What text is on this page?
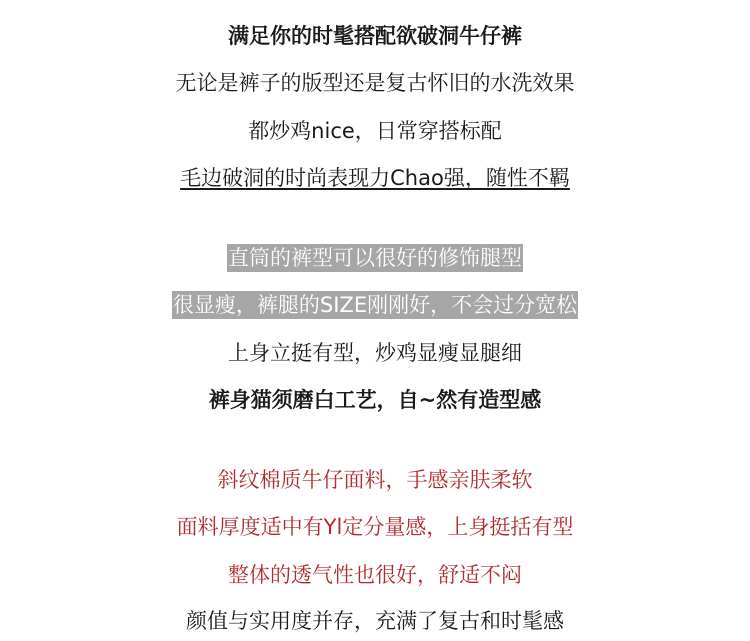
满足你的时髦搭配欲破洞牛仔裤
无论是裤子的版型还是复古怀旧的水洗效果
都炒鸡nice，日常穿搭标配
毛边破洞的时尚表现力Chao强，随性不羁
直筒的裤型可以很好的修饰腿型
很显瘦，裤腿的SIZE刚刚好，不会过分宽松
上身立挺有型，炒鸡显瘦显腿细
裤身猫须磨白工艺，自~然有造型感
斜纹棉质牛仔面料，手感亲肤柔软
面料厚度适中有Yl定分量感，上身挺括有型
整体的透气性也很好，舒适不闷
颜值与实用度并存，充满了复古和时髦感
